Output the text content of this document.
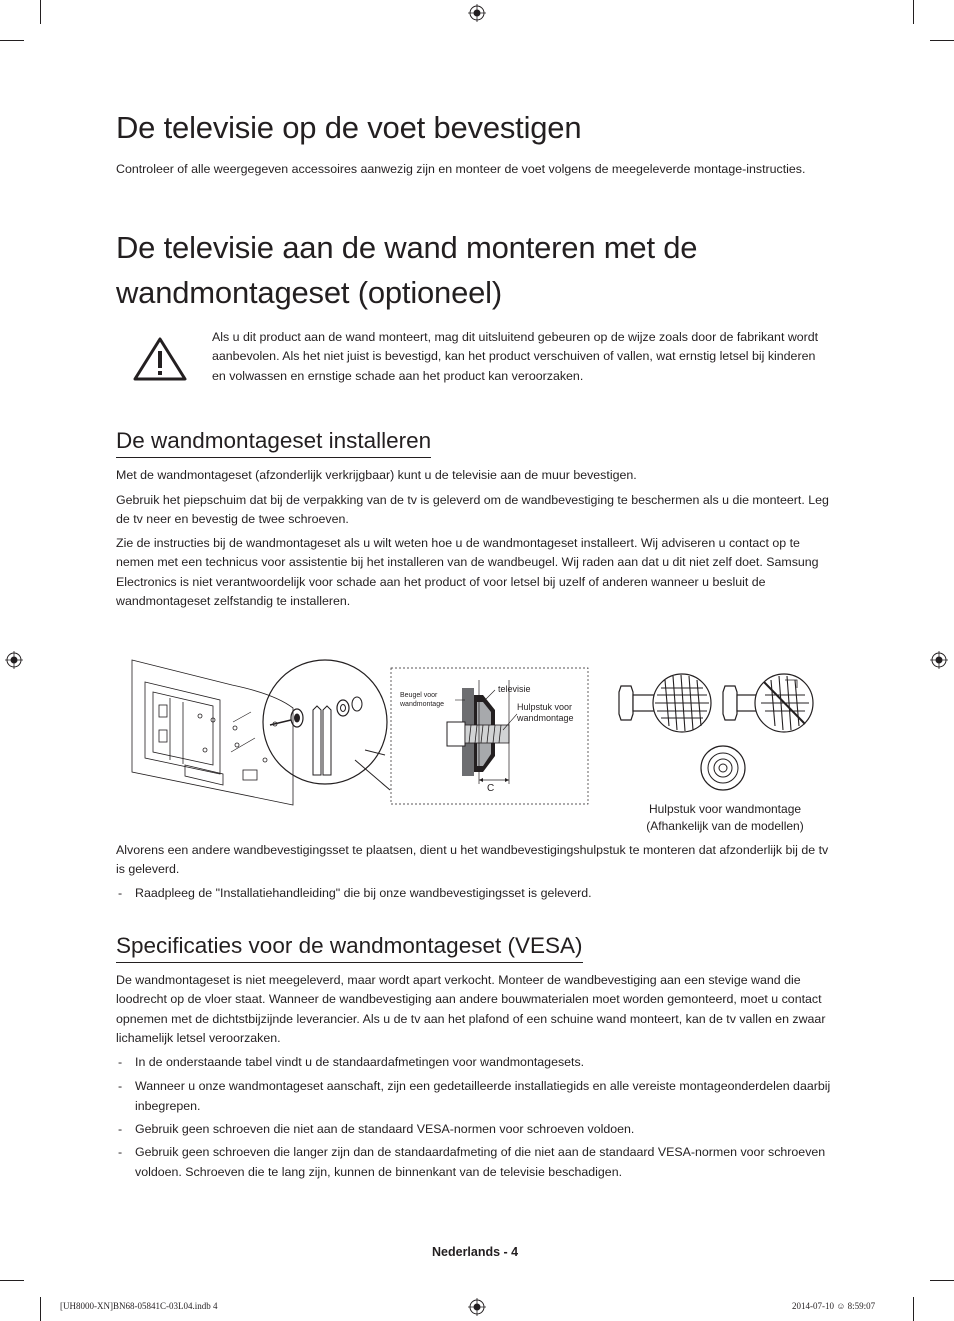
De televisie op de voet bevestigen

Controleer of alle weergegeven accessoires aanwezig zijn en monteer de voet volgens de meegeleverde montage-instructies.

De televisie aan de wand monteren met de
wandmontageset (optioneel)

Als u dit product aan de wand monteert, mag dit uitsluitend gebeuren op de wijze zoals door de fabrikant wordt aanbevolen. Als het niet juist is bevestigd, kan het product verschuiven of vallen, wat ernstig letsel bij kinderen en volwassen en ernstige schade aan het product kan veroorzaken.

De wandmontageset installeren

Met de wandmontageset (afzonderlijk verkrijgbaar) kunt u de televisie aan de muur bevestigen.

Gebruik het piepschuim dat bij de verpakking van de tv is geleverd om de wandbevestiging te beschermen als u die monteert. Leg de tv neer en bevestig de twee schroeven.

Zie de instructies bij de wandmontageset als u wilt weten hoe u de wandmontageset installeert. Wij adviseren u contact op te nemen met een technicus voor assistentie bij het installeren van de wandbeugel. Wij raden aan dat u dit niet zelf doet. Samsung Electronics is niet verantwoordelijk voor schade aan het product of voor letsel bij uzelf of anderen wanneer u besluit de wandmontageset zelfstandig te installeren.

Beugel voor
wandmontage
televisie
Hulpstuk voor
wandmontage
C
Hulpstuk voor wandmontage
(Afhankelijk van de modellen)

Alvorens een andere wandbevestigingsset te plaatsen, dient u het wandbevestigingshulpstuk te monteren dat afzonderlijk bij de tv is geleverd.

- Raadpleeg de "Installatiehandleiding" die bij onze wandbevestigingsset is geleverd.
Specificaties voor de wandmontageset (VESA)

De wandmontageset is niet meegeleverd, maar wordt apart verkocht. Monteer de wandbevestiging aan een stevige wand die loodrecht op de vloer staat. Wanneer de wandbevestiging aan andere bouwmaterialen moet worden gemonteerd, moet u contact opnemen met de dichtstbijzijnde leverancier. Als u de tv aan het plafond of een schuine wand monteert, kan de tv vallen en zwaar lichamelijk letsel veroorzaken.

- In de onderstaande tabel vindt u de standaardafmetingen voor wandmontagesets.
- Wanneer u onze wandmontageset aanschaft, zijn een gedetailleerde installatiegids en alle vereiste montageonderdelen daarbij inbegrepen.
- Gebruik geen schroeven die niet aan de standaard VESA-normen voor schroeven voldoen.
- Gebruik geen schroeven die langer zijn dan de standaardafmeting of die niet aan de standaard VESA-normen voor schroeven voldoen. Schroeven die te lang zijn, kunnen de binnenkant van de televisie beschadigen.
Nederlands - 4
[UH8000-XN]BN68-05841C-03L04.indb 4	2014-07-10 ☺ 8:59:07
